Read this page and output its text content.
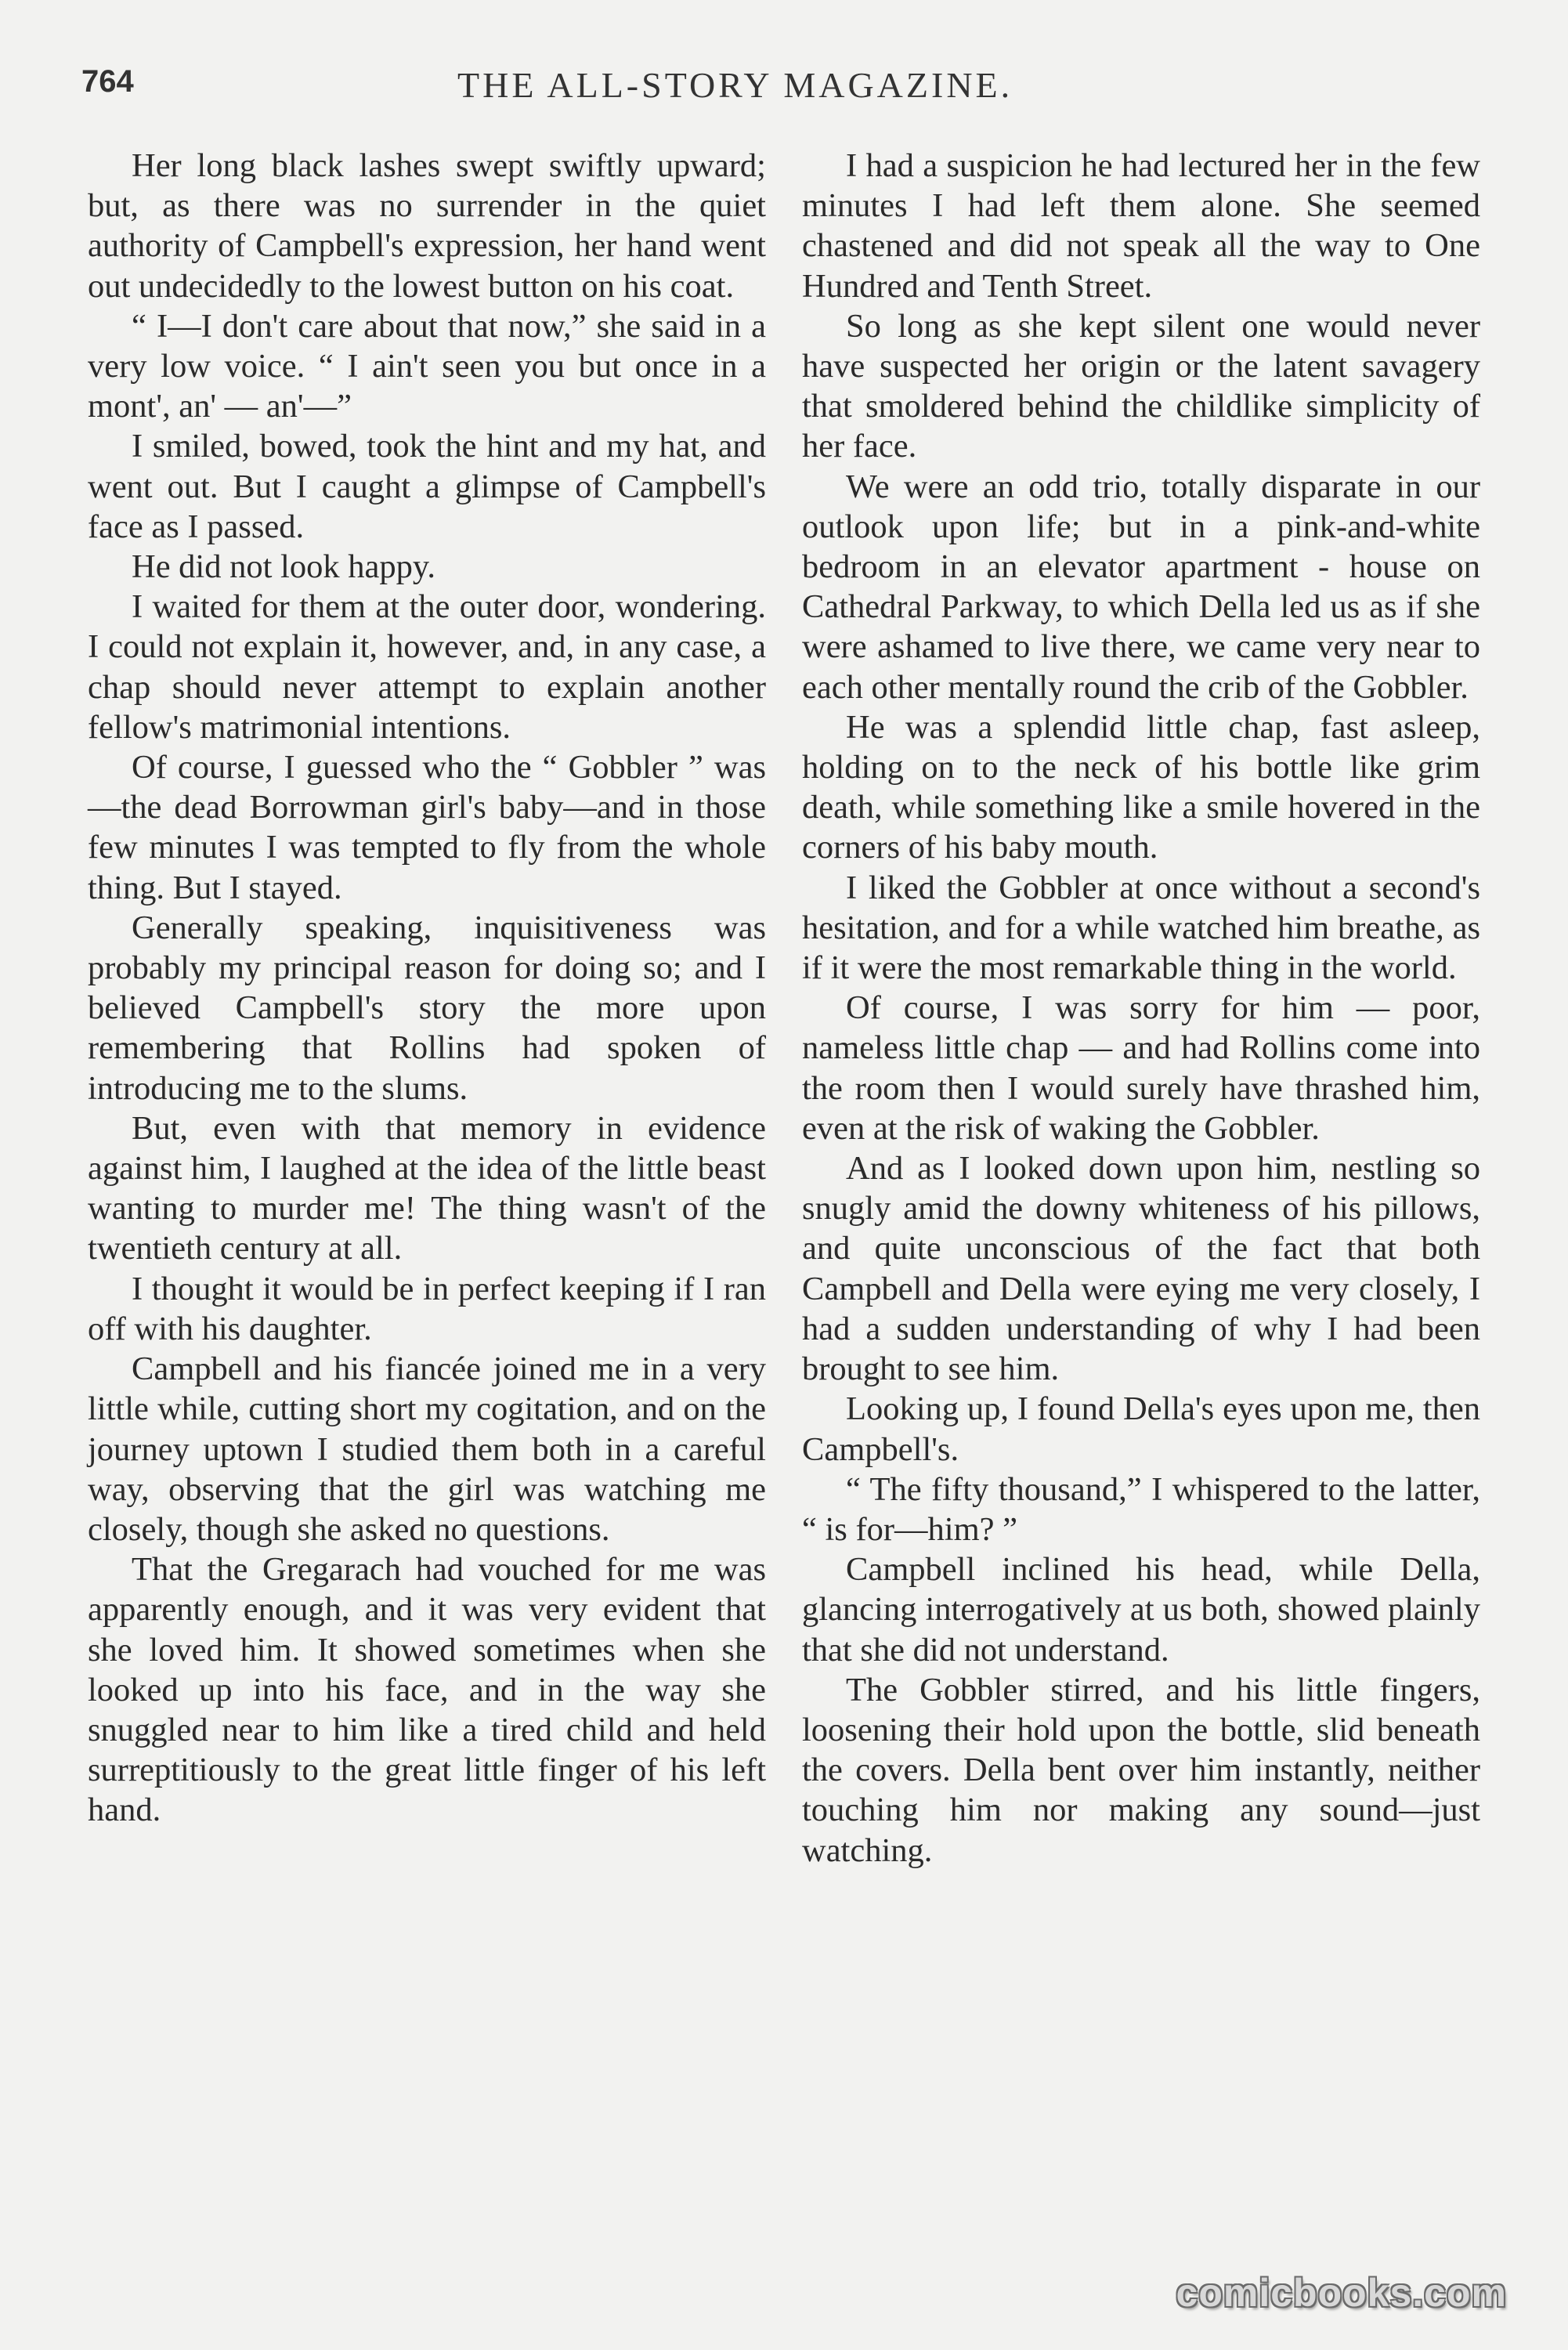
764	THE ALL-STORY MAGAZINE.

Her long black lashes swept swiftly upward; but, as there was no surrender in the quiet authority of Campbell's expression, her hand went out undecidedly to the lowest button on his coat.

“ I—I don't care about that now,” she said in a very low voice. “ I ain't seen you but once in a mont', an' — an'—”

I smiled, bowed, took the hint and my hat, and went out. But I caught a glimpse of Campbell's face as I passed.

He did not look happy.

I waited for them at the outer door, wondering. I could not explain it, however, and, in any case, a chap should never attempt to explain another fellow's matrimonial intentions.

Of course, I guessed who the “ Gobbler ” was—the dead Borrowman girl's baby—and in those few minutes I was tempted to fly from the whole thing. But I stayed.

Generally speaking, inquisitiveness was probably my principal reason for doing so; and I believed Campbell's story the more upon remembering that Rollins had spoken of introducing me to the slums.

But, even with that memory in evidence against him, I laughed at the idea of the little beast wanting to murder me! The thing wasn't of the twentieth century at all.

I thought it would be in perfect keeping if I ran off with his daughter.

Campbell and his fiancée joined me in a very little while, cutting short my cogitation, and on the journey uptown I studied them both in a careful way, observing that the girl was watching me closely, though she asked no questions.

That the Gregarach had vouched for me was apparently enough, and it was very evident that she loved him. It showed sometimes when she looked up into his face, and in the way she snuggled near to him like a tired child and held surreptitiously to the great little finger of his left hand.

I had a suspicion he had lectured her in the few minutes I had left them alone. She seemed chastened and did not speak all the way to One Hundred and Tenth Street.

So long as she kept silent one would never have suspected her origin or the latent savagery that smoldered behind the childlike simplicity of her face.

We were an odd trio, totally disparate in our outlook upon life; but in a pink-and-white bedroom in an elevator apartment - house on Cathedral Parkway, to which Della led us as if she were ashamed to live there, we came very near to each other mentally round the crib of the Gobbler.

He was a splendid little chap, fast asleep, holding on to the neck of his bottle like grim death, while something like a smile hovered in the corners of his baby mouth.

I liked the Gobbler at once without a second's hesitation, and for a while watched him breathe, as if it were the most remarkable thing in the world.

Of course, I was sorry for him — poor, nameless little chap — and had Rollins come into the room then I would surely have thrashed him, even at the risk of waking the Gobbler.

And as I looked down upon him, nestling so snugly amid the downy whiteness of his pillows, and quite unconscious of the fact that both Campbell and Della were eying me very closely, I had a sudden understanding of why I had been brought to see him.

Looking up, I found Della's eyes upon me, then Campbell's.

“ The fifty thousand,” I whispered to the latter, “ is for—him? ”

Campbell inclined his head, while Della, glancing interrogatively at us both, showed plainly that she did not understand.

The Gobbler stirred, and his little fingers, loosening their hold upon the bottle, slid beneath the covers. Della bent over him instantly, neither touching him nor making any sound—just watching.

comicbooks.com
